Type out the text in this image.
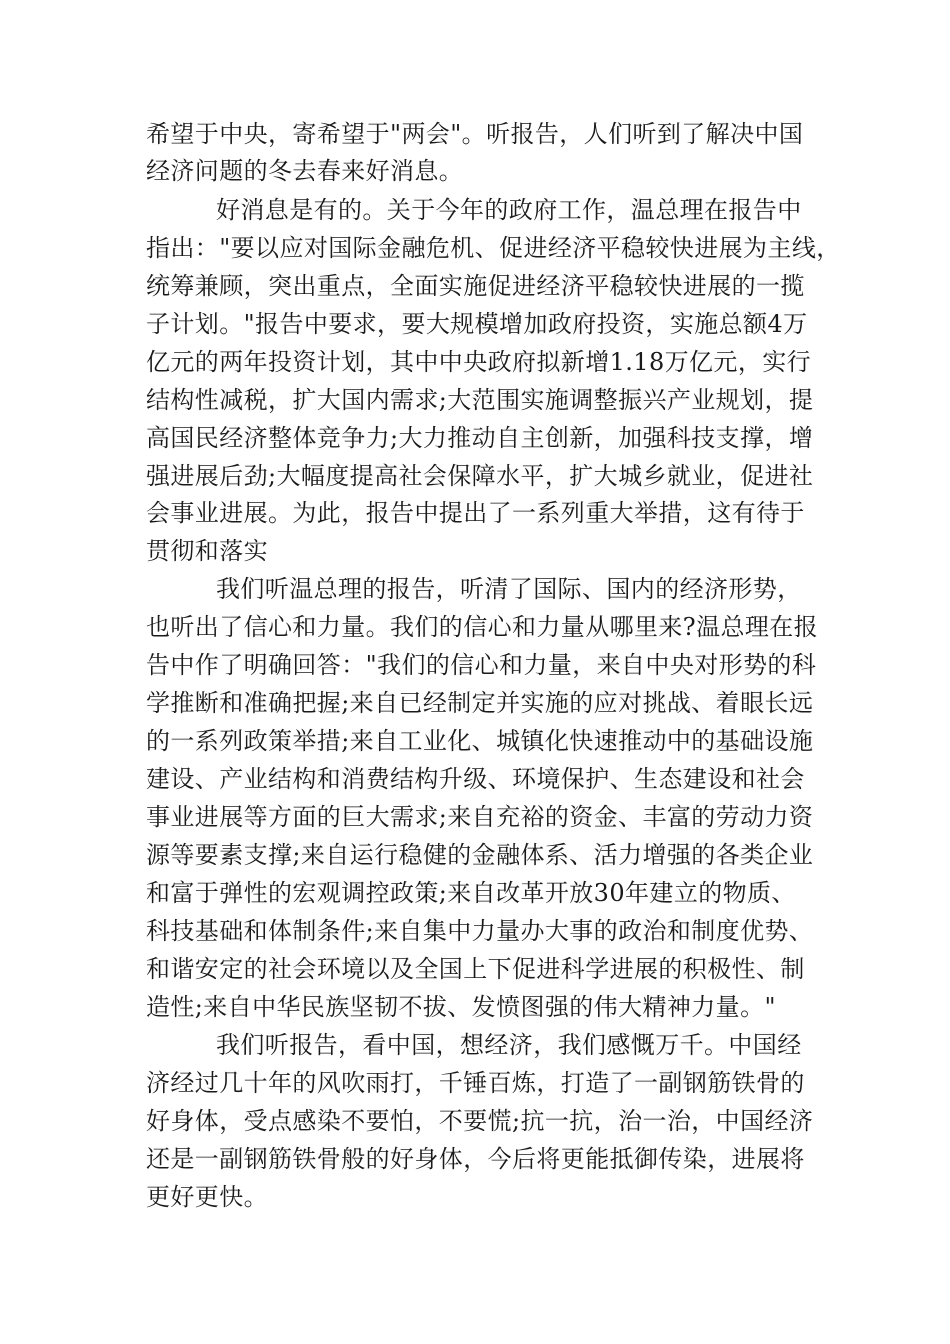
希望于中央，寄希望于"两会"。听报告，人们听到了解决中国
经济问题的冬去春来好消息。
好消息是有的。关于今年的政府工作，温总理在报告中
指出："要以应对国际金融危机、促进经济平稳较快进展为主线，
统筹兼顾，突出重点，全面实施促进经济平稳较快进展的一揽
子计划。"报告中要求，要大规模增加政府投资，实施总额4万
亿元的两年投资计划，其中中央政府拟新增1.18万亿元，实行
结构性减税，扩大国内需求;大范围实施调整振兴产业规划，提
高国民经济整体竞争力;大力推动自主创新，加强科技支撑，增
强进展后劲;大幅度提高社会保障水平，扩大城乡就业，促进社
会事业进展。为此，报告中提出了一系列重大举措，这有待于
贯彻和落实
我们听温总理的报告，听清了国际、国内的经济形势，
也听出了信心和力量。我们的信心和力量从哪里来?温总理在报
告中作了明确回答："我们的信心和力量，来自中央对形势的科
学推断和准确把握;来自已经制定并实施的应对挑战、着眼长远
的一系列政策举措;来自工业化、城镇化快速推动中的基础设施
建设、产业结构和消费结构升级、环境保护、生态建设和社会
事业进展等方面的巨大需求;来自充裕的资金、丰富的劳动力资
源等要素支撑;来自运行稳健的金融体系、活力增强的各类企业
和富于弹性的宏观调控政策;来自改革开放30年建立的物质、
科技基础和体制条件;来自集中力量办大事的政治和制度优势、
和谐安定的社会环境以及全国上下促进科学进展的积极性、制
造性;来自中华民族坚韧不拔、发愤图强的伟大精神力量。"
我们听报告，看中国，想经济，我们感慨万千。中国经
济经过几十年的风吹雨打，千锤百炼，打造了一副钢筋铁骨的
好身体，受点感染不要怕，不要慌;抗一抗，治一治，中国经济
还是一副钢筋铁骨般的好身体，今后将更能抵御传染，进展将
更好更快。
